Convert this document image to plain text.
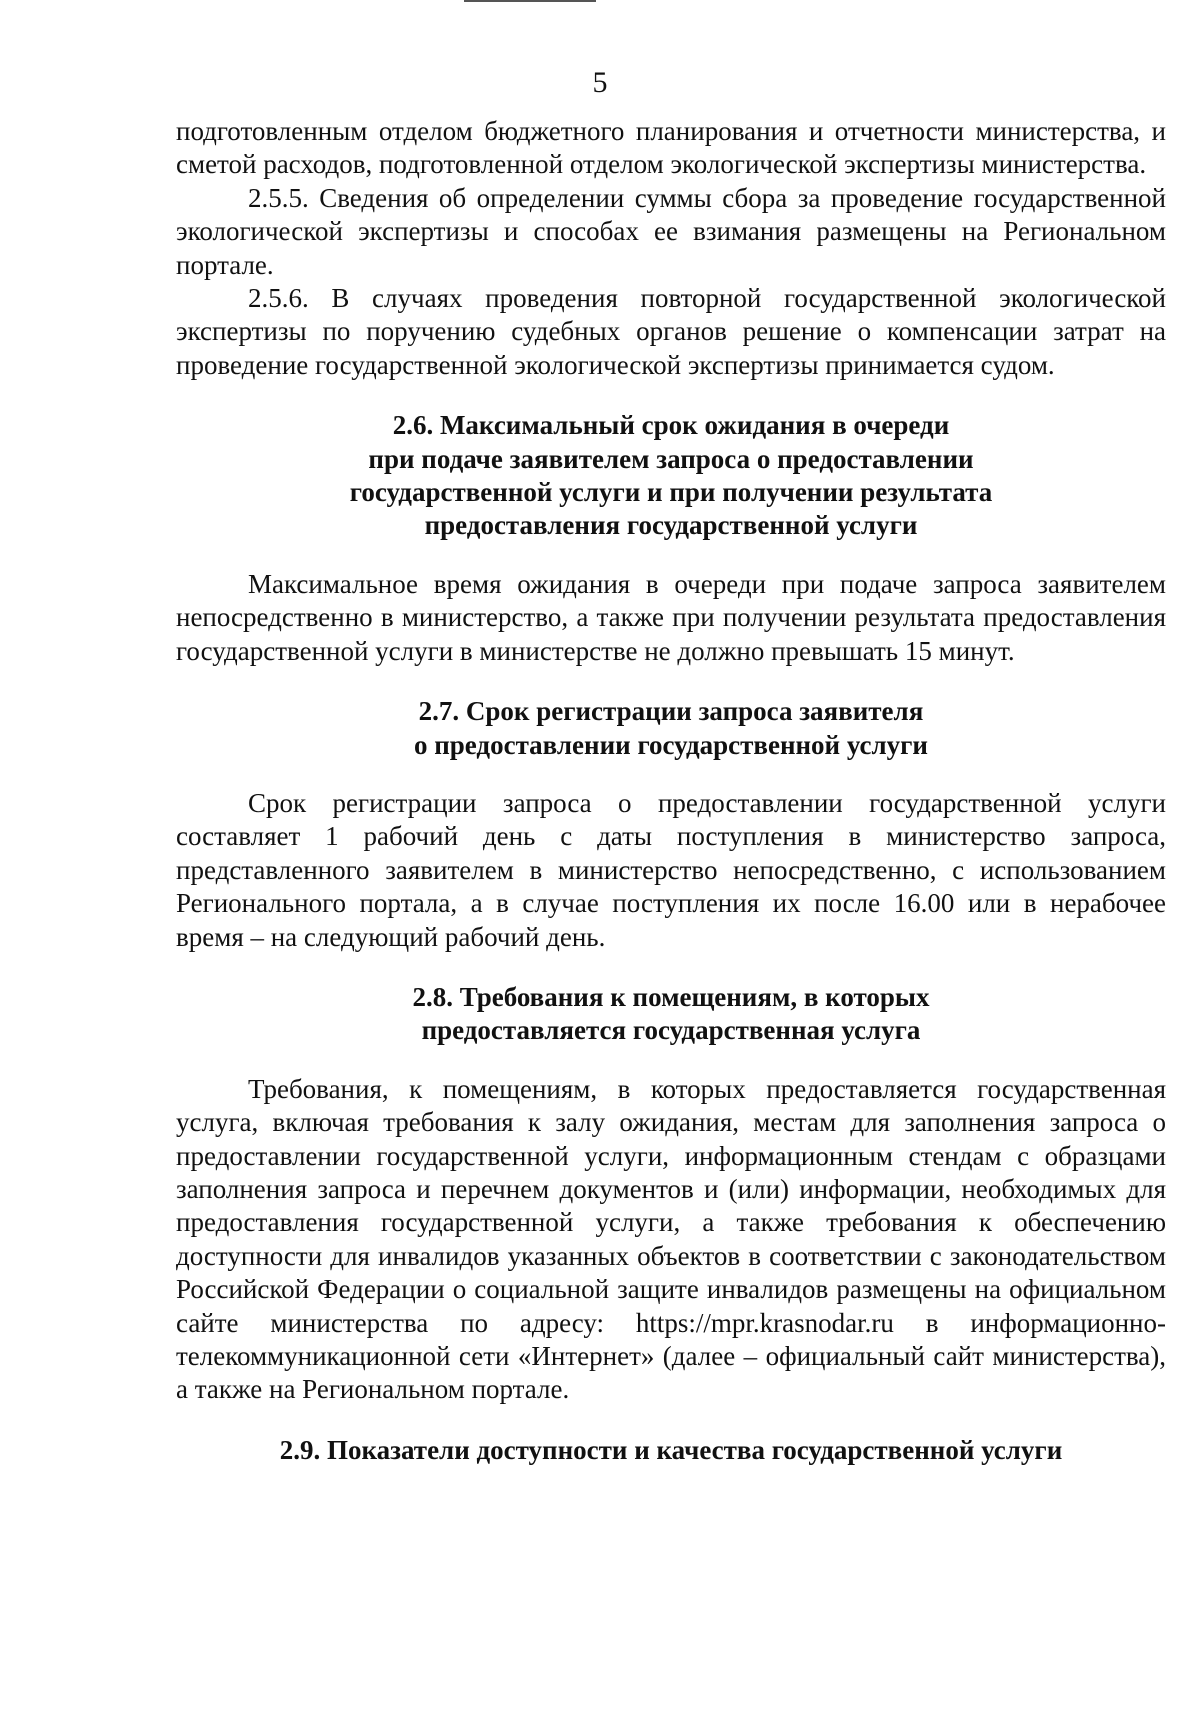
5

подготовленным отделом бюджетного планирования и отчетности министерства, и сметой расходов, подготовленной отделом экологической экспертизы министерства.

2.5.5. Сведения об определении суммы сбора за проведение государственной экологической экспертизы и способах ее взимания размещены на Региональном портале.

2.5.6. В случаях проведения повторной государственной экологической экспертизы по поручению судебных органов решение о компенсации затрат на проведение государственной экологической экспертизы принимается судом.

2.6. Максимальный срок ожидания в очереди
при подаче заявителем запроса о предоставлении
государственной услуги и при получении результата
предоставления государственной услуги

Максимальное время ожидания в очереди при подаче запроса заявителем непосредственно в министерство, а также при получении результата предоставления государственной услуги в министерстве не должно превышать 15 минут.

2.7. Срок регистрации запроса заявителя
о предоставлении государственной услуги

Срок регистрации запроса о предоставлении государственной услуги составляет 1 рабочий день с даты поступления в министерство запроса, представленного заявителем в министерство непосредственно, с использованием Регионального портала, а в случае поступления их после 16.00 или в нерабочее время – на следующий рабочий день.

2.8. Требования к помещениям, в которых
предоставляется государственная услуга

Требования, к помещениям, в которых предоставляется государственная услуга, включая требования к залу ожидания, местам для заполнения запроса о предоставлении государственной услуги, информационным стендам с образцами заполнения запроса и перечнем документов и (или) информации, необходимых для предоставления государственной услуги, а также требования к обеспечению доступности для инвалидов указанных объектов в соответствии с законодательством Российской Федерации о социальной защите инвалидов размещены на официальном сайте министерства по адресу: https://mpr.krasnodar.ru в информационно-телекоммуникационной сети «Интернет» (далее – официальный сайт министерства), а также на Региональном портале.

2.9. Показатели доступности и качества государственной услуги
